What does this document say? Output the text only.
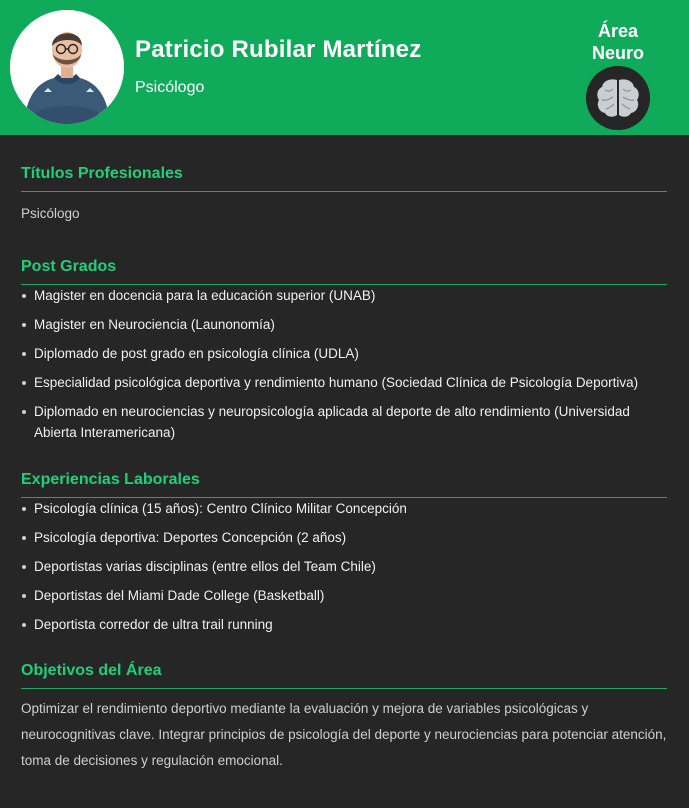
Patricio Rubilar Martínez
Psicólogo
Área
Neuro
Títulos Profesionales
Psicólogo
Post Grados
Magister en docencia para la educación superior (UNAB)
Magister en Neurociencia (Launonomía)
Diplomado de post grado en psicología clínica (UDLA)
Especialidad psicológica deportiva y rendimiento humano (Sociedad Clínica de Psicología Deportiva)
Diplomado en neurociencias y neuropsicología aplicada al deporte de alto rendimiento (Universidad Abierta Interamericana)
Experiencias Laborales
Psicología clínica (15 años): Centro Clínico Militar Concepción
Psicología deportiva: Deportes Concepción (2 años)
Deportistas varias disciplinas (entre ellos del Team Chile)
Deportistas del Miami Dade College (Basketball)
Deportista corredor de ultra trail running
Objetivos del Área
Optimizar el rendimiento deportivo mediante la evaluación y mejora de variables psicológicas y neurocognitivas clave. Integrar principios de psicología del deporte y neurociencias para potenciar atención, toma de decisiones y regulación emocional.
